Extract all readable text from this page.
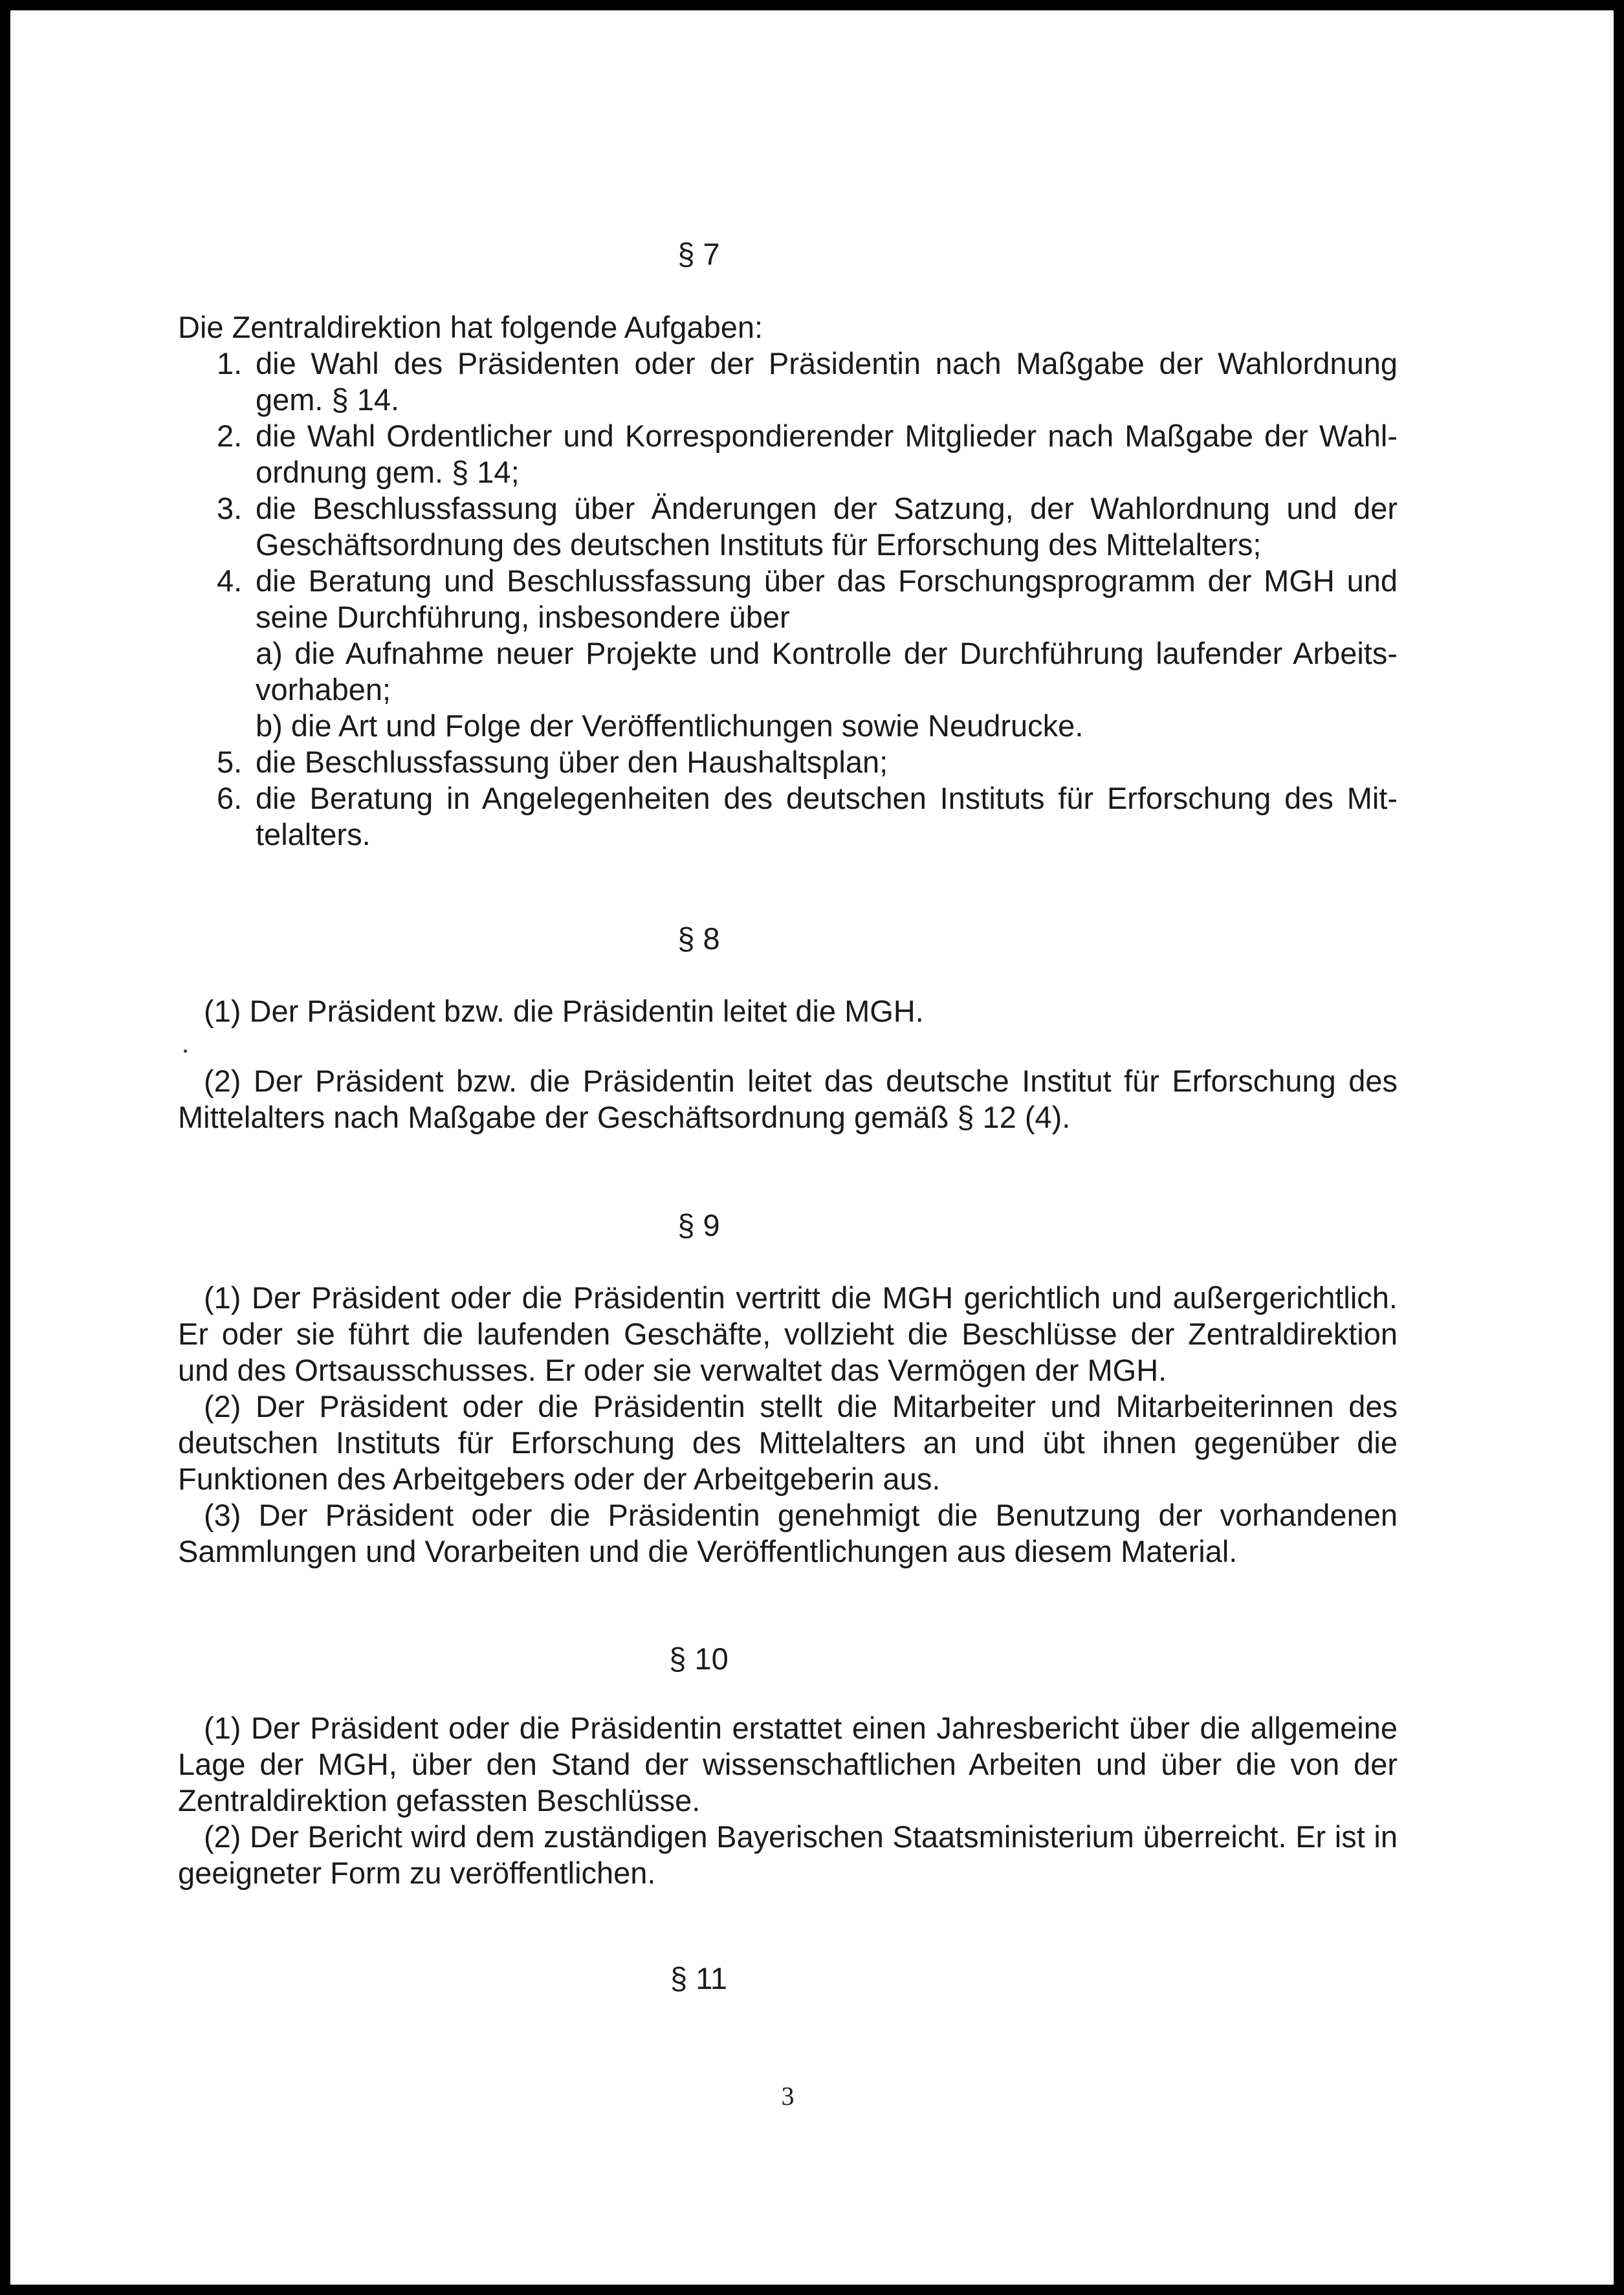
§ 7

Die Zentraldirektion hat folgende Aufgaben:

1. die Wahl des Präsidenten oder der Präsidentin nach Maßgabe der Wahlordnung gem. § 14.
2. die Wahl Ordentlicher und Korrespondierender Mitglieder nach Maßgabe der Wahl-ordnung gem. § 14;
3. die Beschlussfassung über Änderungen der Satzung, der Wahlordnung und der Geschäftsordnung des deutschen Instituts für Erforschung des Mittelalters;
4. die Beratung und Beschlussfassung über das Forschungsprogramm der MGH und seine Durchführung, insbesondere über
a) die Aufnahme neuer Projekte und Kontrolle der Durchführung laufender Arbeits-vorhaben;
b) die Art und Folge der Veröffentlichungen sowie Neudrucke.
5. die Beschlussfassung über den Haushaltsplan;
6. die Beratung in Angelegenheiten des deutschen Instituts für Erforschung des Mit-telalters.
§ 8

(1) Der Präsident bzw. die Präsidentin leitet die MGH.

(2) Der Präsident bzw. die Präsidentin leitet das deutsche Institut für Erforschung des Mittelalters nach Maßgabe der Geschäftsordnung gemäß § 12 (4).

§ 9

(1) Der Präsident oder die Präsidentin vertritt die MGH gerichtlich und außergerichtlich. Er oder sie führt die laufenden Geschäfte, vollzieht die Beschlüsse der Zentraldirektion und des Ortsausschusses. Er oder sie verwaltet das Vermögen der MGH.

(2) Der Präsident oder die Präsidentin stellt die Mitarbeiter und Mitarbeiterinnen des deutschen Instituts für Erforschung des Mittelalters an und übt ihnen gegenüber die Funktionen des Arbeitgebers oder der Arbeitgeberin aus.

(3) Der Präsident oder die Präsidentin genehmigt die Benutzung der vorhandenen Sammlungen und Vorarbeiten und die Veröffentlichungen aus diesem Material.

§ 10

(1) Der Präsident oder die Präsidentin erstattet einen Jahresbericht über die allgemeine Lage der MGH, über den Stand der wissenschaftlichen Arbeiten und über die von der Zentraldirektion gefassten Beschlüsse.

(2) Der Bericht wird dem zuständigen Bayerischen Staatsministerium überreicht. Er ist in geeigneter Form zu veröffentlichen.

§ 11
3
